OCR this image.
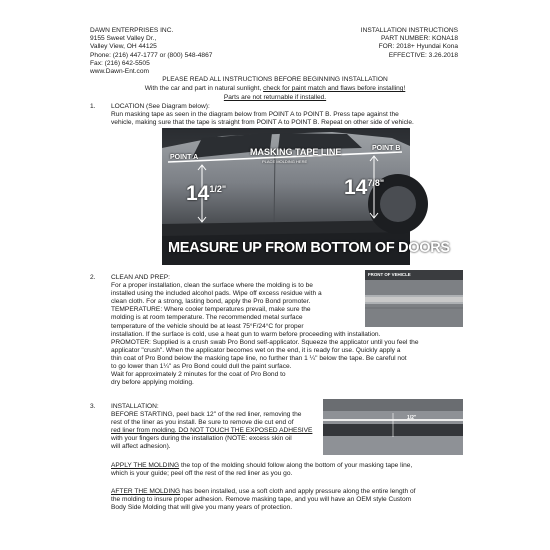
DAWN ENTERPRISES INC.
9155 Sweet Valley Dr.,
Valley View, OH 44125
Phone: (216) 447-1777 or (800) 548-4867
Fax: (216) 642-5505
www.Dawn-Ent.com
INSTALLATION INSTRUCTIONS
PART NUMBER: KONA18
FOR: 2018+ Hyundai Kona
EFFECTIVE: 3.26.2018
PLEASE READ ALL INSTRUCTIONS BEFORE BEGINNING INSTALLATION
With the car and part in natural sunlight, check for paint match and flaws before installing!
Parts are not returnable if installed.
1. LOCATION (See Diagram below):
Run masking tape as seen in the diagram below from POINT A to POINT B. Press tape against the
vehicle, making sure that the tape is straight from POINT A to POINT B. Repeat on other side of vehicle.
POINT A
POINT B
MASKING TAPE LINE
PLACE MOLDING HERE
$14^{1/2"}$	$14^{7/8"}$
MEASURE UP FROM BOTTOM OF DOORS
2. CLEAN AND PREP:
For a proper installation, clean the surface where the molding is to be
installed using the included alcohol pads. Wipe off excess residue with a
clean cloth. For a strong, lasting bond, apply the Pro Bond promoter.
TEMPERATURE: Where cooler temperatures prevail, make sure the
molding is at room temperature. The recommended metal surface
temperature of the vehicle should be at least 75°F/24°C for proper
installation. If the surface is cold, use a heat gun to warm before proceeding with installation.
PROMOTER: Supplied is a crush swab Pro Bond self-applicator. Squeeze the applicator until you feel the
applicator "crush". When the applicator becomes wet on the end, it is ready for use. Quickly apply a
thin coat of Pro Bond below the masking tape line, no further than 1 ¼" below the tape. Be careful not
to go lower than 1¼" as Pro Bond could dull the paint surface.
Wait for approximately 2 minutes for the coat of Pro Bond to
dry before applying molding.
FRONT OF VEHICLE
3. INSTALLATION:
BEFORE STARTING, peel back 12" of the red liner, removing the
rest of the liner as you install. Be sure to remove die cut end of
red liner from molding. DO NOT TOUCH THE EXPOSED ADHESIVE
with your fingers during the installation (NOTE: excess skin oil
will affect adhesion).
1/2"
APPLY THE MOLDING the top of the molding should follow along the bottom of your masking tape line,
which is your guide; peel off the rest of the red liner as you go.
AFTER THE MOLDING has been installed, use a soft cloth and apply pressure along the entire length of
the molding to insure proper adhesion. Remove masking tape, and you will have an OEM style Custom
Body Side Molding that will give you many years of protection.
